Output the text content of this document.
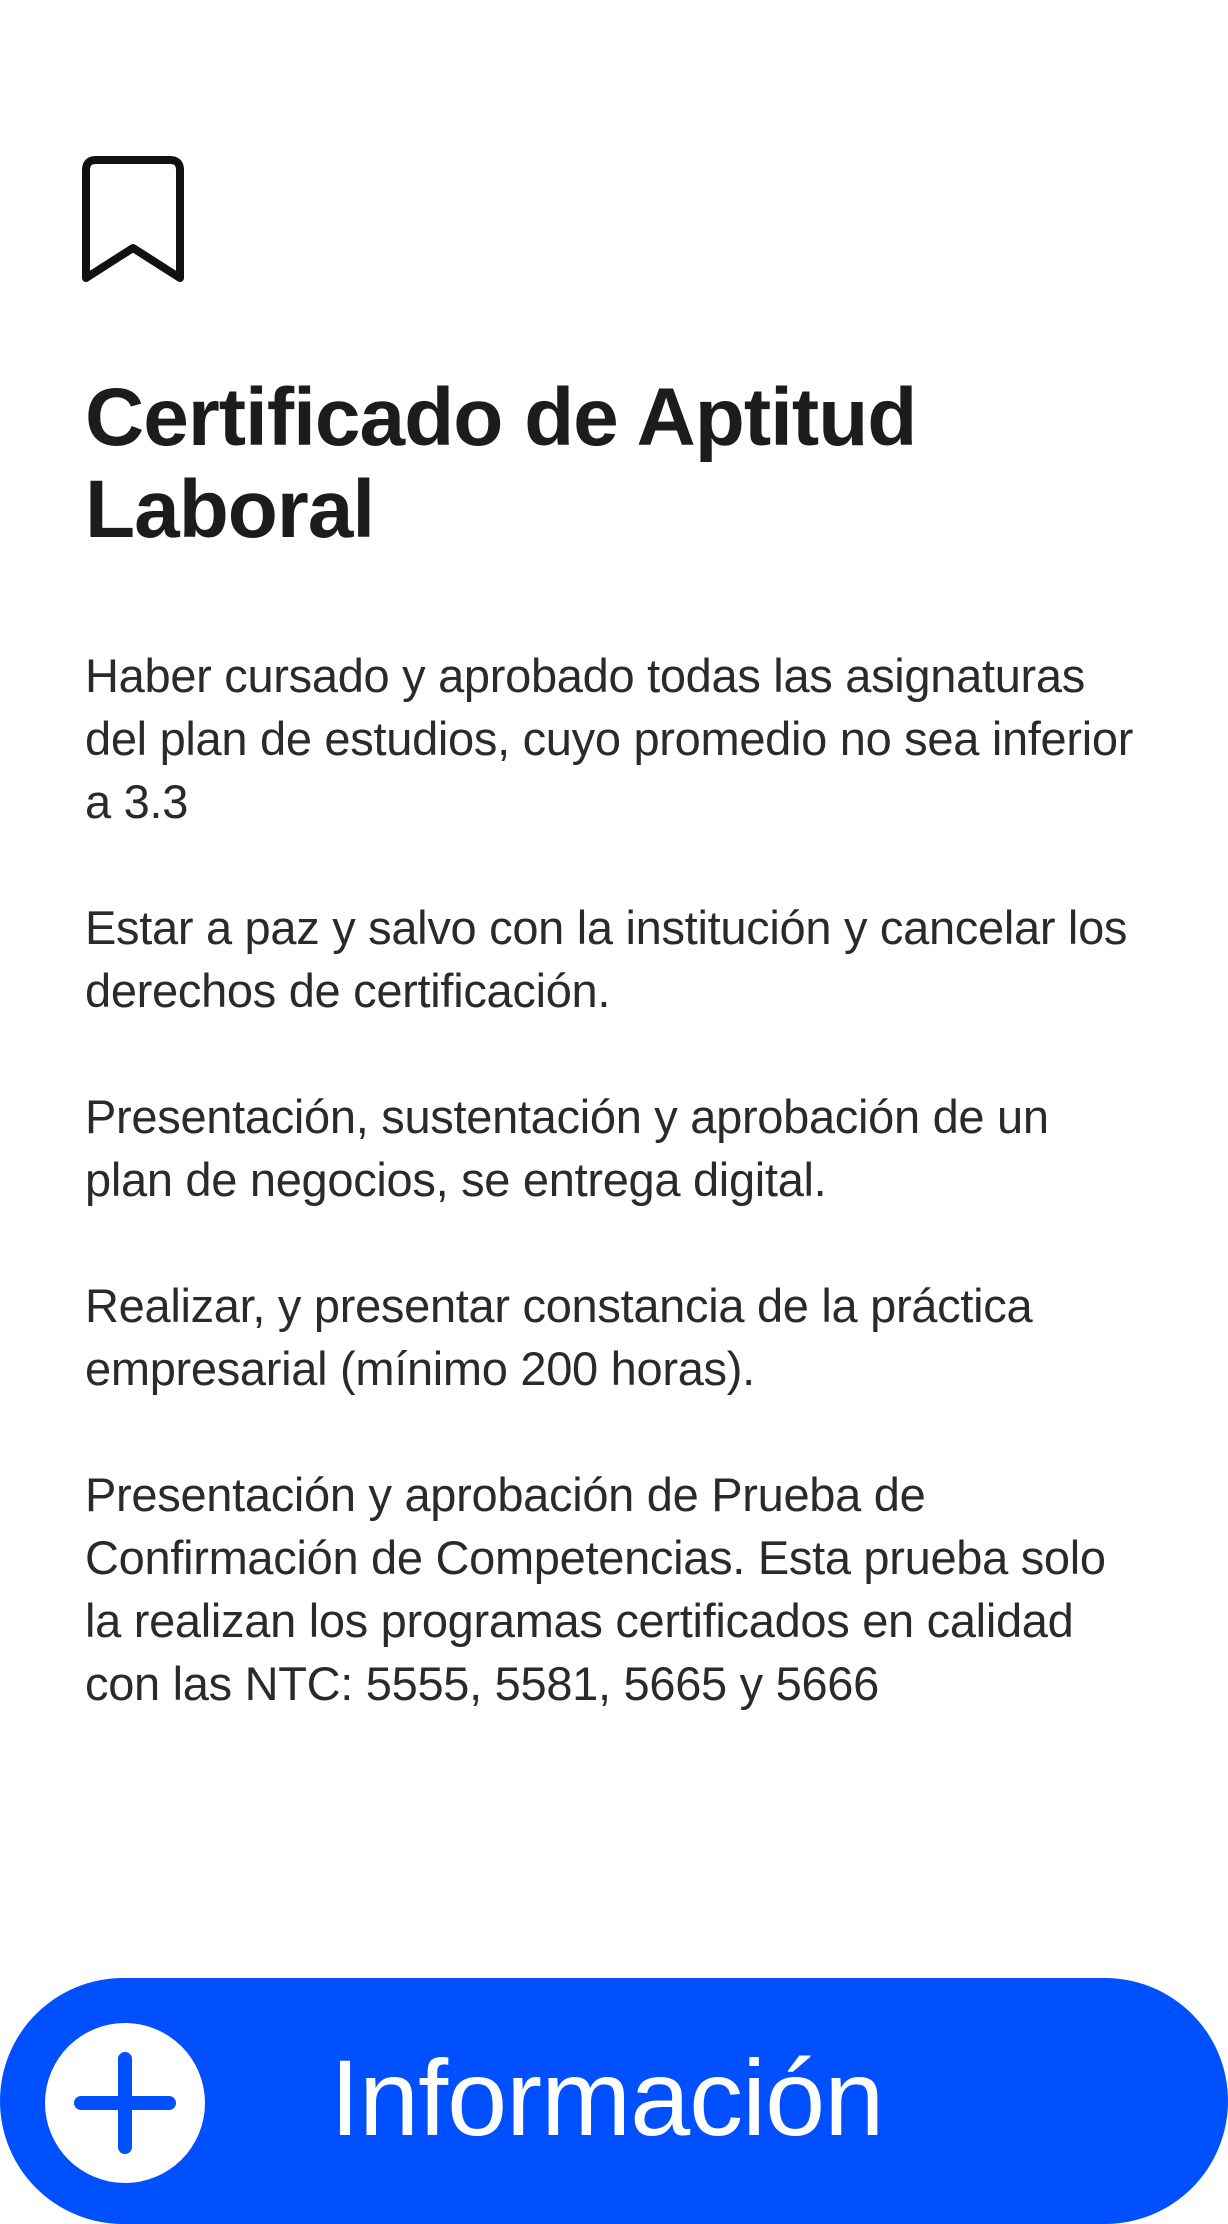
Certificado de Aptitud Laboral
Haber cursado y aprobado todas las asignaturas del plan de estudios, cuyo promedio no sea inferior a 3.3
Estar a paz y salvo con la institución y cancelar los derechos de certificación.
Presentación, sustentación y aprobación de un plan de negocios, se entrega digital.
Realizar, y presentar constancia de la práctica empresarial (mínimo 200 horas).
Presentación y aprobación de Prueba de Confirmación de Competencias. Esta prueba solo la realizan los programas certificados en calidad con las NTC: 5555, 5581, 5665 y 5666
Información
